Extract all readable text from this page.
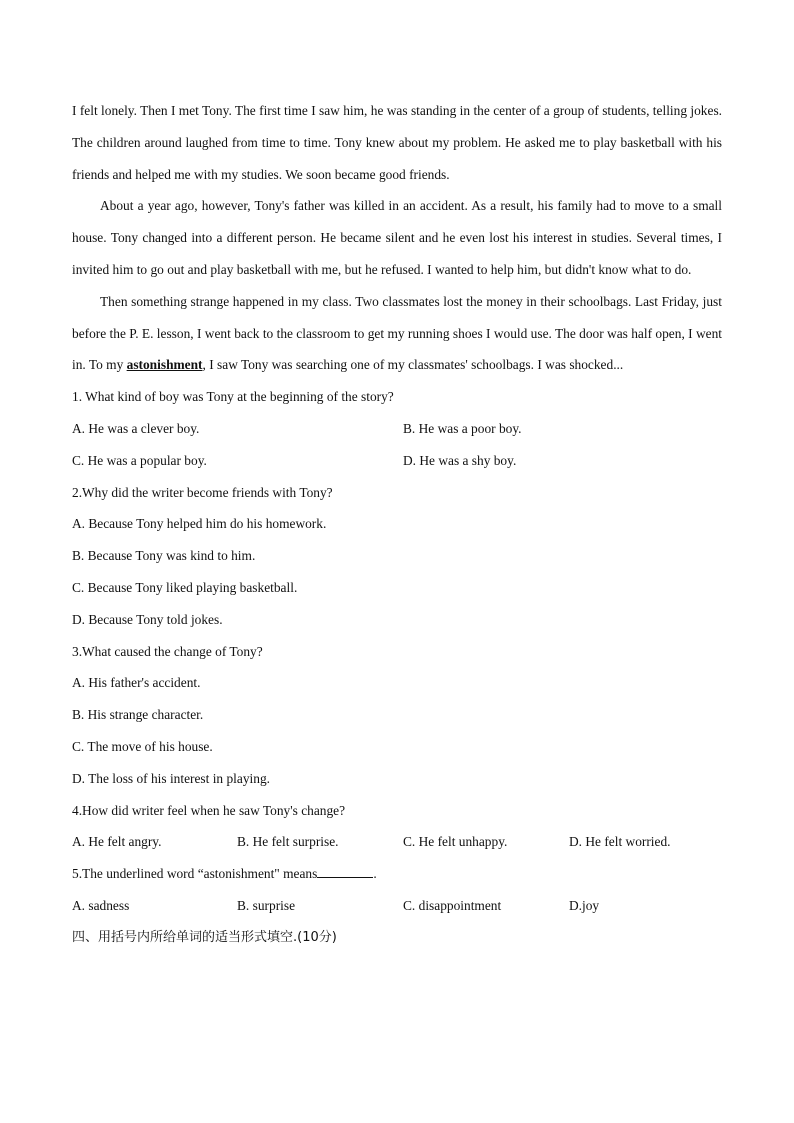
I felt lonely. Then I met Tony. The first time I saw him, he was standing in the center of a group of students, telling jokes. The children around laughed from time to time. Tony knew about my problem. He asked me to play basketball with his friends and helped me with my studies. We soon became good friends.

About a year ago, however, Tony's father was killed in an accident. As a result, his family had to move to a small house. Tony changed into a different person. He became silent and he even lost his interest in studies. Several times, I invited him to go out and play basketball with me, but he refused. I wanted to help him, but didn't know what to do.

Then something strange happened in my class. Two classmates lost the money in their schoolbags. Last Friday, just before the P. E. lesson, I went back to the classroom to get my running shoes I would use. The door was half open, I went in. To my astonishment, I saw Tony was searching one of my classmates' schoolbags. I was shocked...

1. What kind of boy was Tony at the beginning of the story?
A. He was a clever boy.	B. He was a poor boy.
C. He was a popular boy.	D. He was a shy boy.
2.Why did the writer become friends with Tony?
A. Because Tony helped him do his homework.
B. Because Tony was kind to him.
C. Because Tony liked playing basketball.
D. Because Tony told jokes.
3.What caused the change of Tony?
A. His father's accident.
B. His strange character.
C. The move of his house.
D. The loss of his interest in playing.
4.How did writer feel when he saw Tony's change?
A. He felt angry.	B. He felt surprise.	C. He felt unhappy.	D. He felt worried.
5.The underlined word “astonishment" means	.
A. sadness	B. surprise	C. disappointment	D.joy
四、用括号内所给单词的适当形式填空.(10分)
